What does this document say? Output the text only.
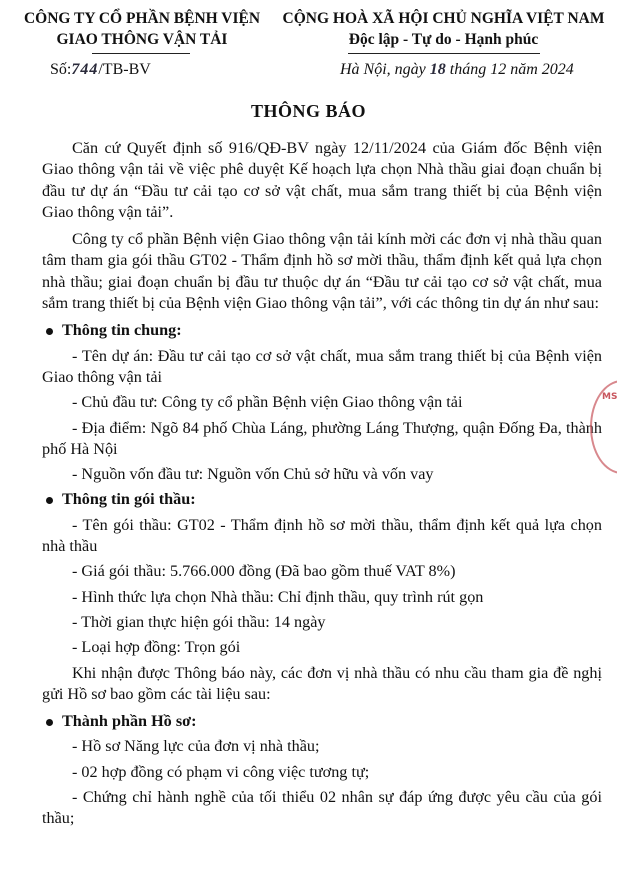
CÔNG TY CỔ PHẦN BỆNH VIỆN
GIAO THÔNG VẬN TẢI
CỘNG HOÀ XÃ HỘI CHỦ NGHĨA VIỆT NAM
Độc lập - Tự do - Hạnh phúc
Số:744/TB-BV	Hà Nội, ngày 18 tháng 12 năm 2024
THÔNG BÁO

Căn cứ Quyết định số 916/QĐ-BV ngày 12/11/2024 của Giám đốc Bệnh viện Giao thông vận tải về việc phê duyệt Kế hoạch lựa chọn Nhà thầu giai đoạn chuẩn bị đầu tư dự án “Đầu tư cải tạo cơ sở vật chất, mua sắm trang thiết bị của Bệnh viện Giao thông vận tải”.

Công ty cổ phần Bệnh viện Giao thông vận tải kính mời các đơn vị nhà thầu quan tâm tham gia gói thầu GT02 - Thẩm định hồ sơ mời thầu, thẩm định kết quả lựa chọn nhà thầu; giai đoạn chuẩn bị đầu tư thuộc dự án “Đầu tư cải tạo cơ sở vật chất, mua sắm trang thiết bị của Bệnh viện Giao thông vận tải”, với các thông tin dự án như sau:

Thông tin chung:

- Tên dự án: Đầu tư cải tạo cơ sở vật chất, mua sắm trang thiết bị của Bệnh viện Giao thông vận tải

- Chủ đầu tư: Công ty cổ phần Bệnh viện Giao thông vận tải

- Địa điểm: Ngõ 84 phố Chùa Láng, phường Láng Thượng, quận Đống Đa, thành phố Hà Nội

- Nguồn vốn đầu tư: Nguồn vốn Chủ sở hữu và vốn vay

Thông tin gói thầu:

- Tên gói thầu: GT02 - Thẩm định hồ sơ mời thầu, thẩm định kết quả lựa chọn nhà thầu

- Giá gói thầu: 5.766.000 đồng (Đã bao gồm thuế VAT 8%)

- Hình thức lựa chọn Nhà thầu: Chỉ định thầu, quy trình rút gọn

- Thời gian thực hiện gói thầu: 14 ngày

- Loại hợp đồng: Trọn gói

Khi nhận được Thông báo này, các đơn vị nhà thầu có nhu cầu tham gia đề nghị gửi Hồ sơ bao gồm các tài liệu sau:

Thành phần Hồ sơ:

- Hồ sơ Năng lực của đơn vị nhà thầu;

- 02 hợp đồng có phạm vi công việc tương tự;

- Chứng chỉ hành nghề của tối thiểu 02 nhân sự đáp ứng được yêu cầu của gói thầu;

MS
